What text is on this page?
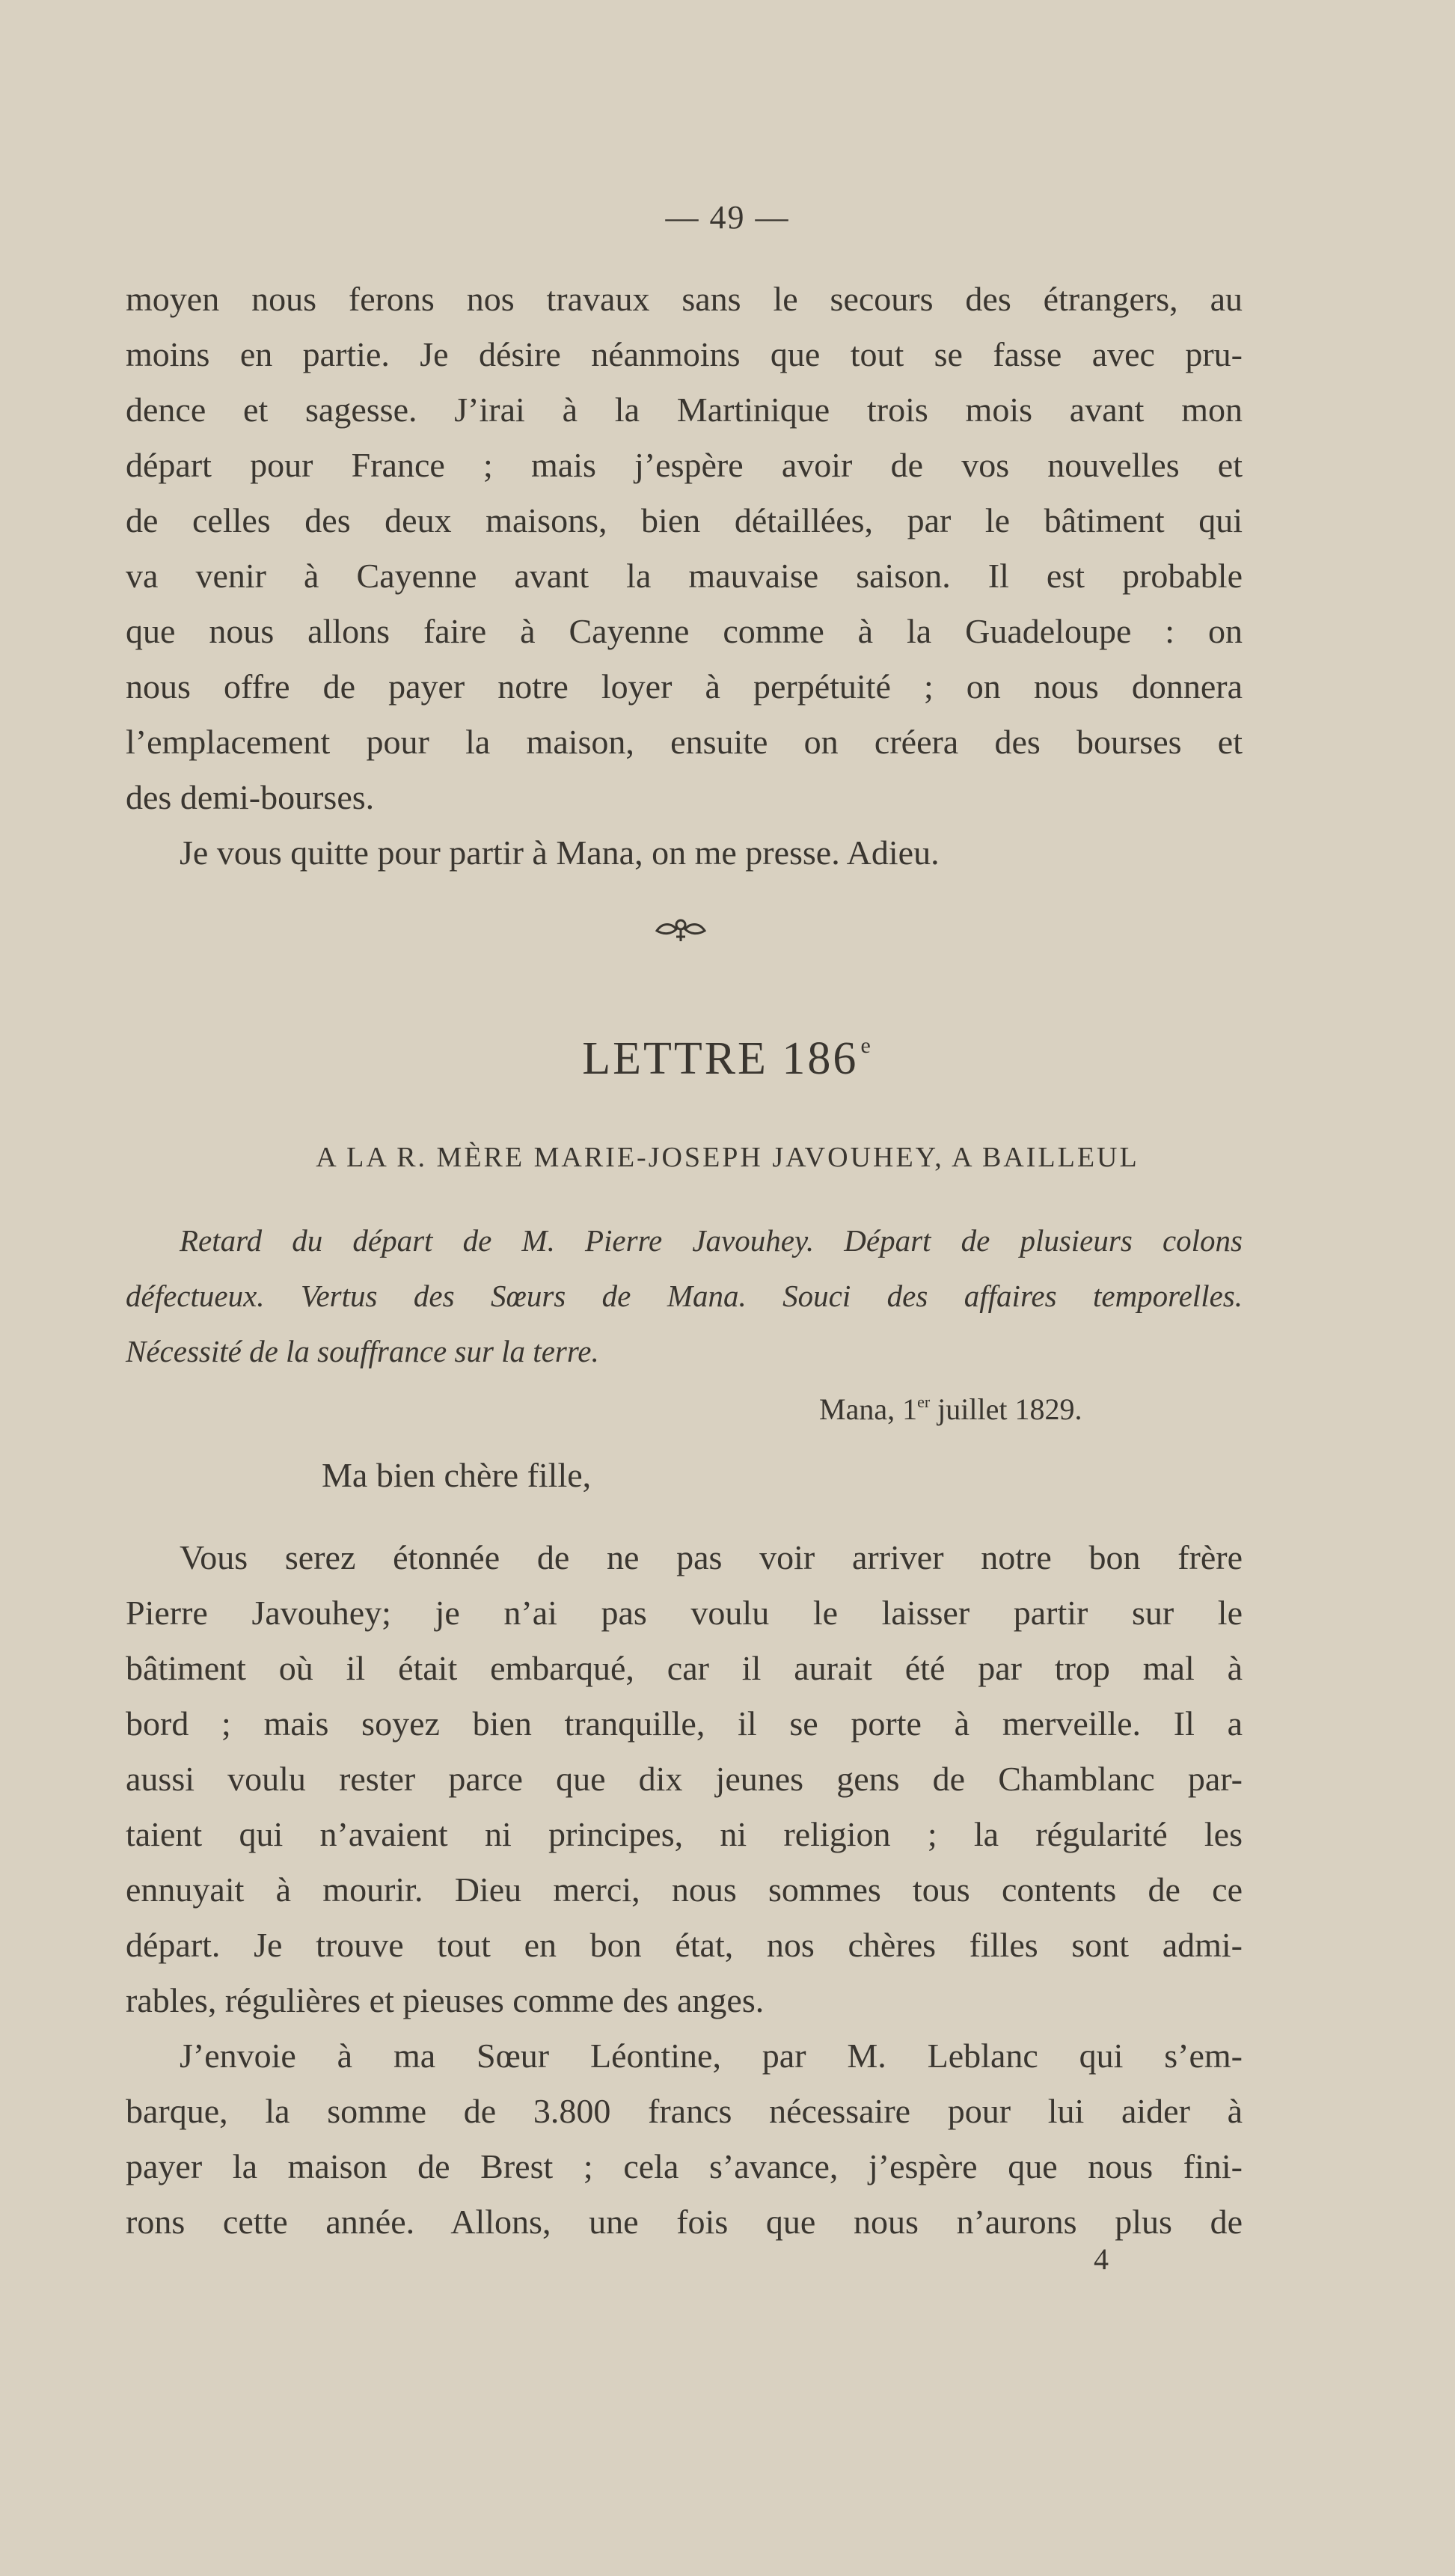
— 49 —
moyen nous ferons nos travaux sans le secours des étrangers, au
moins en partie. Je désire néanmoins que tout se fasse avec pru-
dence et sagesse. J’irai à la Martinique trois mois avant mon
départ pour France ; mais j’espère avoir de vos nouvelles et
de celles des deux maisons, bien détaillées, par le bâtiment qui
va venir à Cayenne avant la mauvaise saison. Il est probable
que nous allons faire à Cayenne comme à la Guadeloupe : on
nous offre de payer notre loyer à perpétuité ; on nous donnera
l’emplacement pour la maison, ensuite on créera des bourses et
des demi-bourses.
Je vous quitte pour partir à Mana, on me presse. Adieu.
LETTRE 186 $^e$
A LA R. MÈRE MARIE-JOSEPH JAVOUHEY, A BAILLEUL
Retard du départ de M. Pierre Javouhey. Départ de plusieurs colons
défectueux. Vertus des Sœurs de Mana. Souci des affaires temporelles.
Nécessité de la souffrance sur la terre.
Mana, 1er juillet 1829.
Ma bien chère fille,
Vous serez étonnée de ne pas voir arriver notre bon frère
Pierre Javouhey; je n’ai pas voulu le laisser partir sur le
bâtiment où il était embarqué, car il aurait été par trop mal à
bord ; mais soyez bien tranquille, il se porte à merveille. Il a
aussi voulu rester parce que dix jeunes gens de Chamblanc par-
taient qui n’avaient ni principes, ni religion ; la régularité les
ennuyait à mourir. Dieu merci, nous sommes tous contents de ce
départ. Je trouve tout en bon état, nos chères filles sont admi-
rables, régulières et pieuses comme des anges.
J’envoie à ma Sœur Léontine, par M. Leblanc qui s’em-
barque, la somme de 3.800 francs nécessaire pour lui aider à
payer la maison de Brest ; cela s’avance, j’espère que nous fini-
rons cette année. Allons, une fois que nous n’aurons plus de
4
